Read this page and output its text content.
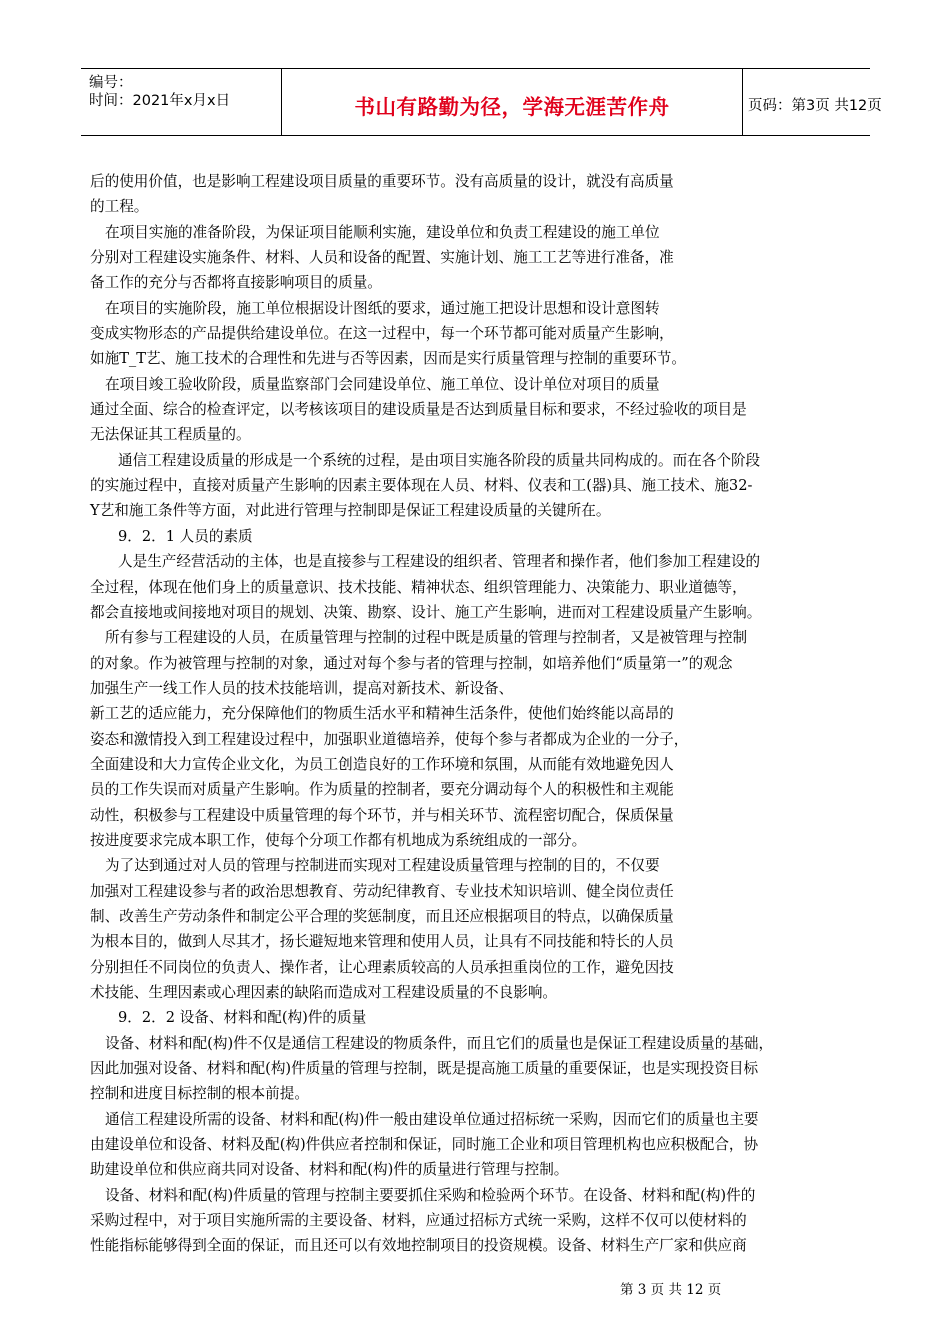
编号：
时间：2021年x月x日	书山有路勤为径，学海无涯苦作舟	页码：第3页 共12页
后的使用价值，也是影响工程建设项目质量的重要环节。没有高质量的设计，就没有高质量
的工程。
在项目实施的准备阶段，为保证项目能顺利实施，建设单位和负责工程建设的施工单位
分别对工程建设实施条件、材料、人员和设备的配置、实施计划、施工工艺等进行准备，准
备工作的充分与否都将直接影响项目的质量。
在项目的实施阶段，施工单位根据设计图纸的要求，通过施工把设计思想和设计意图转
变成实物形态的产品提供给建设单位。在这一过程中，每一个环节都可能对质量产生影响，
如施T_T艺、施工技术的合理性和先进与否等因素，因而是实行质量管理与控制的重要环节。
在项目竣工验收阶段，质量监察部门会同建设单位、施工单位、设计单位对项目的质量
通过全面、综合的检查评定，以考核该项目的建设质量是否达到质量目标和要求，不经过验收的项目是
无法保证其工程质量的。
通信工程建设质量的形成是一个系统的过程，是由项目实施各阶段的质量共同构成的。而在各个阶段
的实施过程中，直接对质量产生影响的因素主要体现在人员、材料、仪表和工(器)具、施工技术、施32-
Y艺和施工条件等方面，对此进行管理与控制即是保证工程建设质量的关键所在。
9．2．1 人员的素质
人是生产经营活动的主体，也是直接参与工程建设的组织者、管理者和操作者，他们参加工程建设的
全过程，体现在他们身上的质量意识、技术技能、精神状态、组织管理能力、决策能力、职业道德等，
都会直接地或间接地对项目的规划、决策、勘察、设计、施工产生影响，进而对工程建设质量产生影响。
所有参与工程建设的人员，在质量管理与控制的过程中既是质量的管理与控制者，又是被管理与控制
的对象。作为被管理与控制的对象，通过对每个参与者的管理与控制，如培养他们“质量第一”的观念
加强生产一线工作人员的技术技能培训，提高对新技术、新设备、
新工艺的适应能力，充分保障他们的物质生活水平和精神生活条件，使他们始终能以高昂的
姿态和激情投入到工程建设过程中，加强职业道德培养，使每个参与者都成为企业的一分子，
全面建设和大力宣传企业文化，为员工创造良好的工作环境和氛围，从而能有效地避免因人
员的工作失误而对质量产生影响。作为质量的控制者，要充分调动每个人的积极性和主观能
动性，积极参与工程建设中质量管理的每个环节，并与相关环节、流程密切配合，保质保量
按进度要求完成本职工作，使每个分项工作都有机地成为系统组成的一部分。
为了达到通过对人员的管理与控制进而实现对工程建设质量管理与控制的目的，不仅要
加强对工程建设参与者的政治思想教育、劳动纪律教育、专业技术知识培训、健全岗位责任
制、改善生产劳动条件和制定公平合理的奖惩制度，而且还应根据项目的特点，以确保质量
为根本目的，做到人尽其才，扬长避短地来管理和使用人员，让具有不同技能和特长的人员
分别担任不同岗位的负责人、操作者，让心理素质较高的人员承担重岗位的工作，避免因技
术技能、生理因素或心理因素的缺陷而造成对工程建设质量的不良影响。
9．2．2 设备、材料和配(构)件的质量
设备、材料和配(构)件不仅是通信工程建设的物质条件，而且它们的质量也是保证工程建设质量的基础，
因此加强对设备、材料和配(构)件质量的管理与控制，既是提高施工质量的重要保证，也是实现投资目标
控制和进度目标控制的根本前提。
通信工程建设所需的设备、材料和配(构)件一般由建设单位通过招标统一采购，因而它们的质量也主要
由建设单位和设备、材料及配(构)件供应者控制和保证，同时施工企业和项目管理机构也应积极配合，协
助建设单位和供应商共同对设备、材料和配(构)件的质量进行管理与控制。
设备、材料和配(构)件质量的管理与控制主要要抓住采购和检验两个环节。在设备、材料和配(构)件的
采购过程中，对于项目实施所需的主要设备、材料，应通过招标方式统一采购，这样不仅可以使材料的
性能指标能够得到全面的保证，而且还可以有效地控制项目的投资规模。设备、材料生产厂家和供应商
第 3 页 共 12 页
